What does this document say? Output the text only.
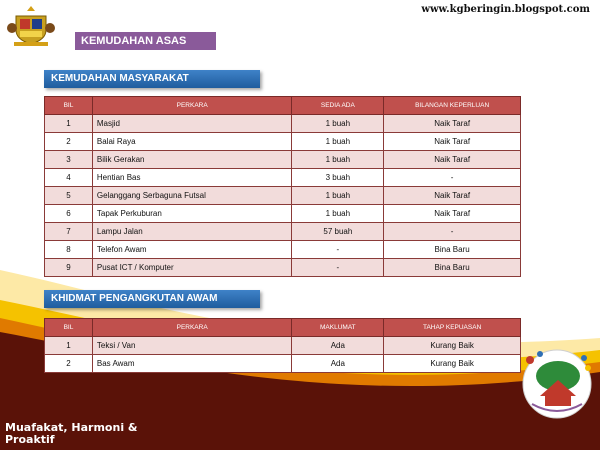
www.kgberingin.blogspot.com
KEMUDAHAN ASAS
KEMUDAHAN MASYARAKAT
BIL	PERKARA	SEDIA ADA	BILANGAN KEPERLUAN
1	Masjid	1 buah	Naik Taraf
2	Balai Raya	1 buah	Naik Taraf
3	Bilik Gerakan	1 buah	Naik Taraf
4	Hentian Bas	3 buah	-
5	Gelanggang Serbaguna Futsal	1 buah	Naik Taraf
6	Tapak Perkuburan	1 buah	Naik Taraf
7	Lampu Jalan	57 buah	-
8	Telefon Awam	-	Bina Baru
9	Pusat ICT / Komputer	-	Bina Baru
KHIDMAT PENGANGKUTAN AWAM
BIL	PERKARA	MAKLUMAT	TAHAP KEPUASAN
1	Teksi / Van	Ada	Kurang Baik
2	Bas Awam	Ada	Kurang Baik
Muafakat, Harmoni &
Proaktif
